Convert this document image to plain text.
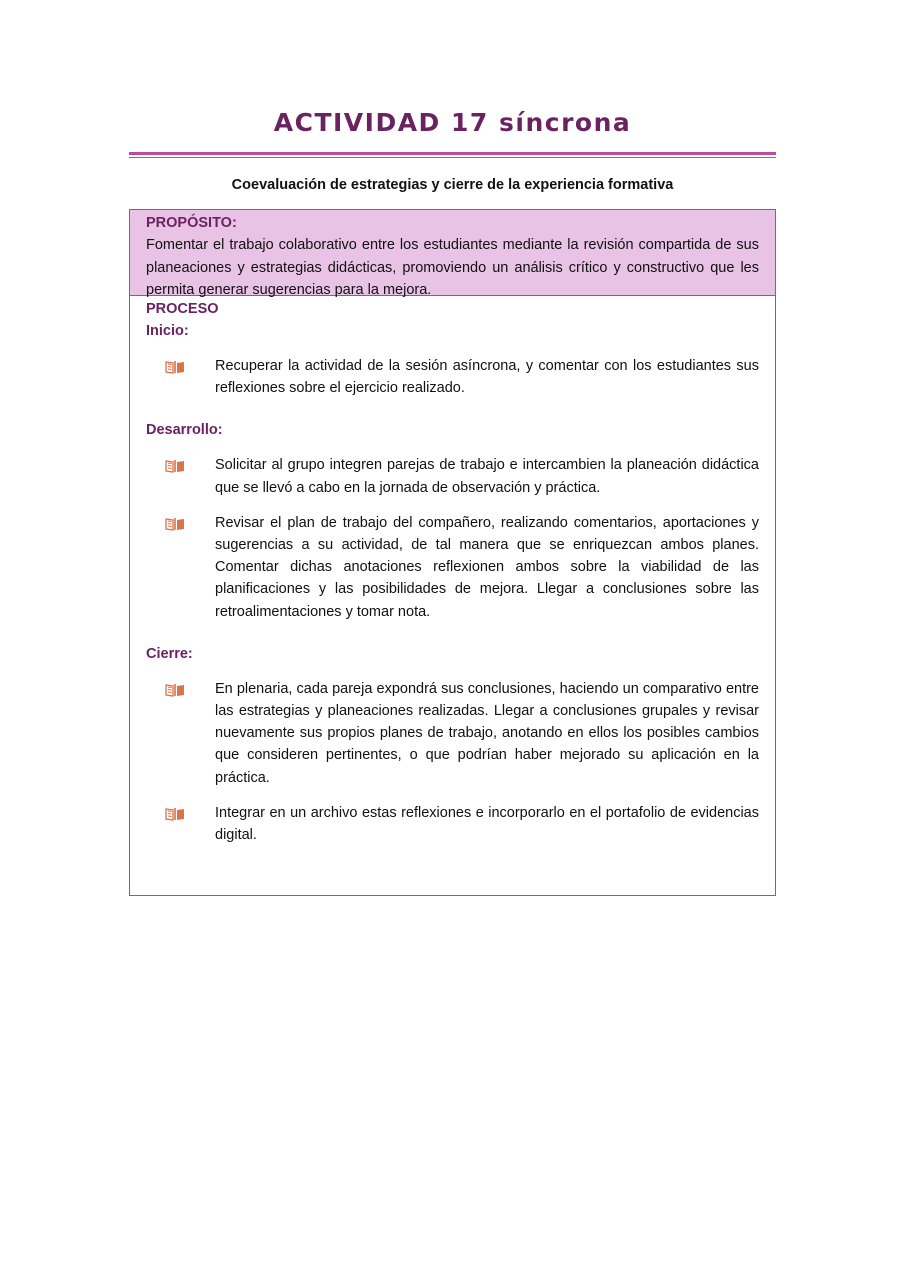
ACTIVIDAD 17 síncrona

Coevaluación de estrategias y cierre de la experiencia formativa

PROPÓSITO:

Fomentar el trabajo colaborativo entre los estudiantes mediante la revisión compartida de sus planeaciones y estrategias didácticas, promoviendo un análisis crítico y constructivo que les permita generar sugerencias para la mejora.

PROCESO

Inicio:

Recuperar la actividad de la sesión asíncrona, y comentar con los estudiantes sus reflexiones sobre el ejercicio realizado.

Desarrollo:

Solicitar al grupo integren parejas de trabajo e intercambien la planeación didáctica que se llevó a cabo en la jornada de observación y práctica.

Revisar el plan de trabajo del compañero, realizando comentarios, aportaciones y sugerencias a su actividad, de tal manera que se enriquezcan ambos planes. Comentar dichas anotaciones reflexionen ambos sobre la viabilidad de las planificaciones y las posibilidades de mejora. Llegar a conclusiones sobre las retroalimentaciones y tomar nota.

Cierre:

En plenaria, cada pareja expondrá sus conclusiones, haciendo un comparativo entre las estrategias y planeaciones realizadas. Llegar a conclusiones grupales y revisar nuevamente sus propios planes de trabajo, anotando en ellos los posibles cambios que consideren pertinentes, o que podrían haber mejorado su aplicación en la práctica.

Integrar en un archivo estas reflexiones e incorporarlo en el portafolio de evidencias digital.
